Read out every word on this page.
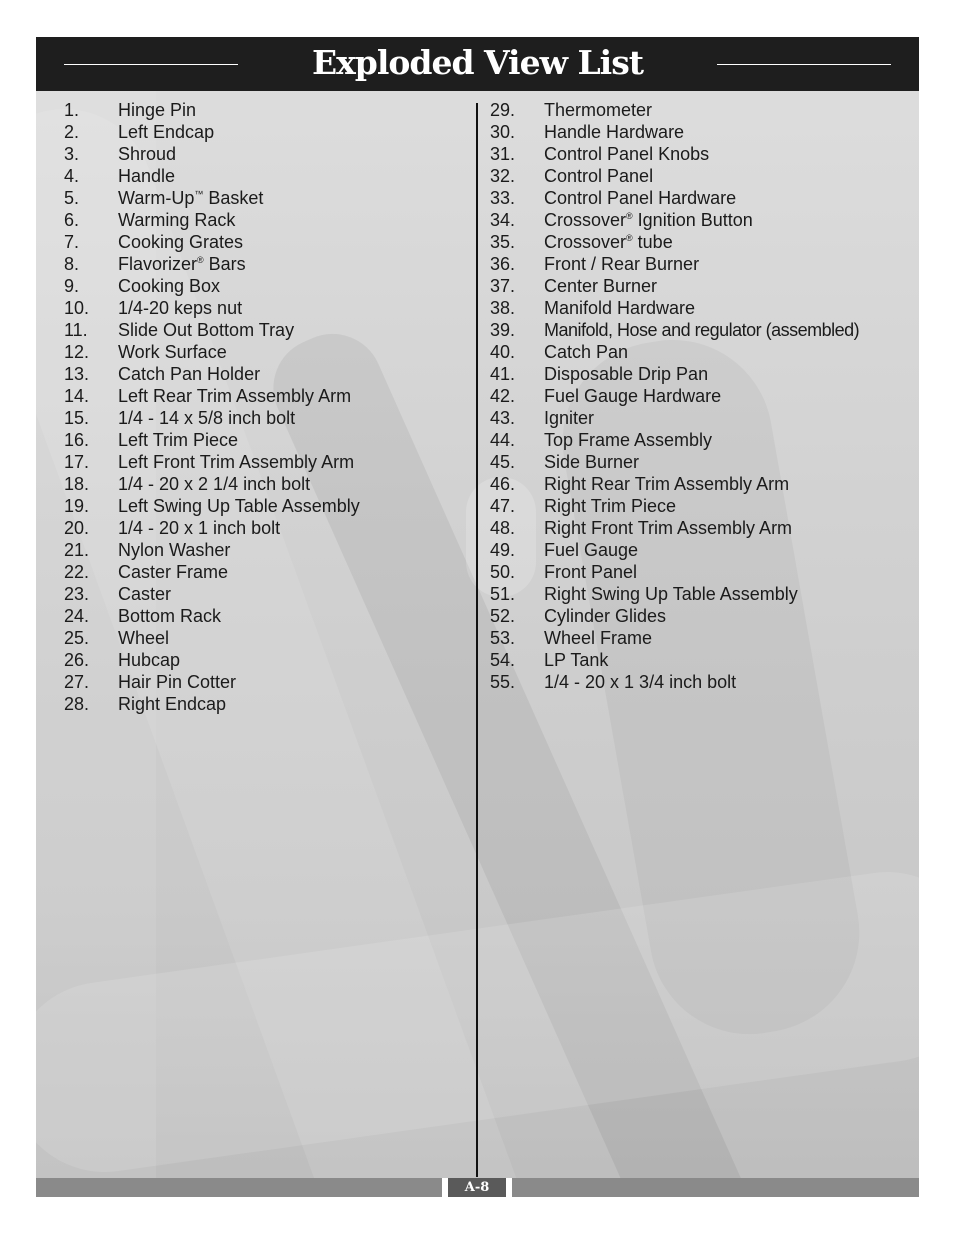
Exploded View List
1. Hinge Pin
2. Left Endcap
3. Shroud
4. Handle
5. Warm-Up™ Basket
6. Warming Rack
7. Cooking Grates
8. Flavorizer® Bars
9. Cooking Box
10. 1/4-20 keps nut
11. Slide Out Bottom Tray
12. Work Surface
13. Catch Pan Holder
14. Left Rear Trim Assembly Arm
15. 1/4 - 14 x 5/8 inch bolt
16. Left Trim Piece
17. Left Front Trim Assembly Arm
18. 1/4 - 20 x 2 1/4 inch bolt
19. Left Swing Up Table Assembly
20. 1/4 - 20 x 1 inch bolt
21. Nylon Washer
22. Caster Frame
23. Caster
24. Bottom Rack
25. Wheel
26. Hubcap
27. Hair Pin Cotter
28. Right Endcap
29. Thermometer
30. Handle Hardware
31. Control Panel Knobs
32. Control Panel
33. Control Panel Hardware
34. Crossover® Ignition Button
35. Crossover® tube
36. Front / Rear Burner
37. Center Burner
38. Manifold Hardware
39. Manifold, Hose and regulator (assembled)
40. Catch Pan
41. Disposable Drip Pan
42. Fuel Gauge Hardware
43. Igniter
44. Top Frame Assembly
45. Side Burner
46. Right Rear Trim Assembly Arm
47. Right Trim Piece
48. Right Front Trim Assembly Arm
49. Fuel Gauge
50. Front Panel
51. Right Swing Up Table Assembly
52. Cylinder Glides
53. Wheel Frame
54. LP Tank
55. 1/4 - 20 x 1 3/4 inch bolt
A-8
